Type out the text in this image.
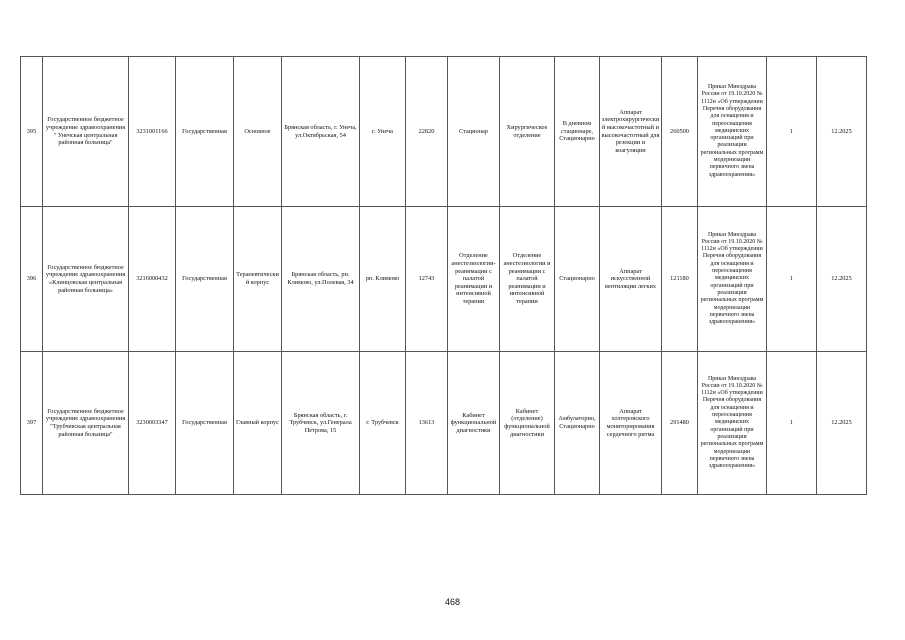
395	Государственное бюджетное учреждение здравоохранения " Унечская центральная районная больница"	3231001166	Государственная	Основное	Брянская область, г. Унеча, ул.Октябрьская, 54	г. Унеча	22820	Стационар	Хирургическое отделение	В дневном стационаре, Стационарно	Аппарат электрохирургический высокочастотный и высокочастотный для резекции и коагуляции	260500	Приказ Минздрава России от 19.10.2020 № 1112н «Об утверждении Перечня оборудования для оснащения и переоснащения медицинских организаций при реализации региональных программ модернизации первичного звена здравоохранения»	1	12.2025
396	Государственное бюджетное учреждение здравоохранения «Клинцовская центральная районная больница»	3216000432	Государственная	Терапевтический корпус	Брянская область, рп. Климово, ул.Полевая, 34	рп. Климово	12743	Отделение анестезиологии-реанимации с палатой реанимации и интенсивной терапии	Отделение анестезиологии и реанимации с палатой реанимации и интенсивной терапии	Стационарно	Аппарат искусственной вентиляции легких	121180	Приказ Минздрава России от 19.10.2020 № 1112н «Об утверждении Перечня оборудования для оснащения и переоснащения медицинских организаций при реализации региональных программ модернизации первичного звена здравоохранения»	1	12.2025
397	Государственное бюджетное учреждение здравоохранения "Трубчевская центральная районная больница"	3230003347	Государственная	Главный корпус	Брянская область, г. Трубчевск, ул.Генерала Петрова, 15	г. Трубчевск	13613	Кабинет функциональной диагностики	Кабинет (отделение) функциональной диагностики	Амбулаторно, Стационарно	Аппарат холтеровского мониторирования сердечного ритма	291480	Приказ Минздрава России от 19.10.2020 № 1112н «Об утверждении Перечня оборудования для оснащения и переоснащения медицинских организаций при реализации региональных программ модернизации первичного звена здравоохранения»	1	12.2025
468
